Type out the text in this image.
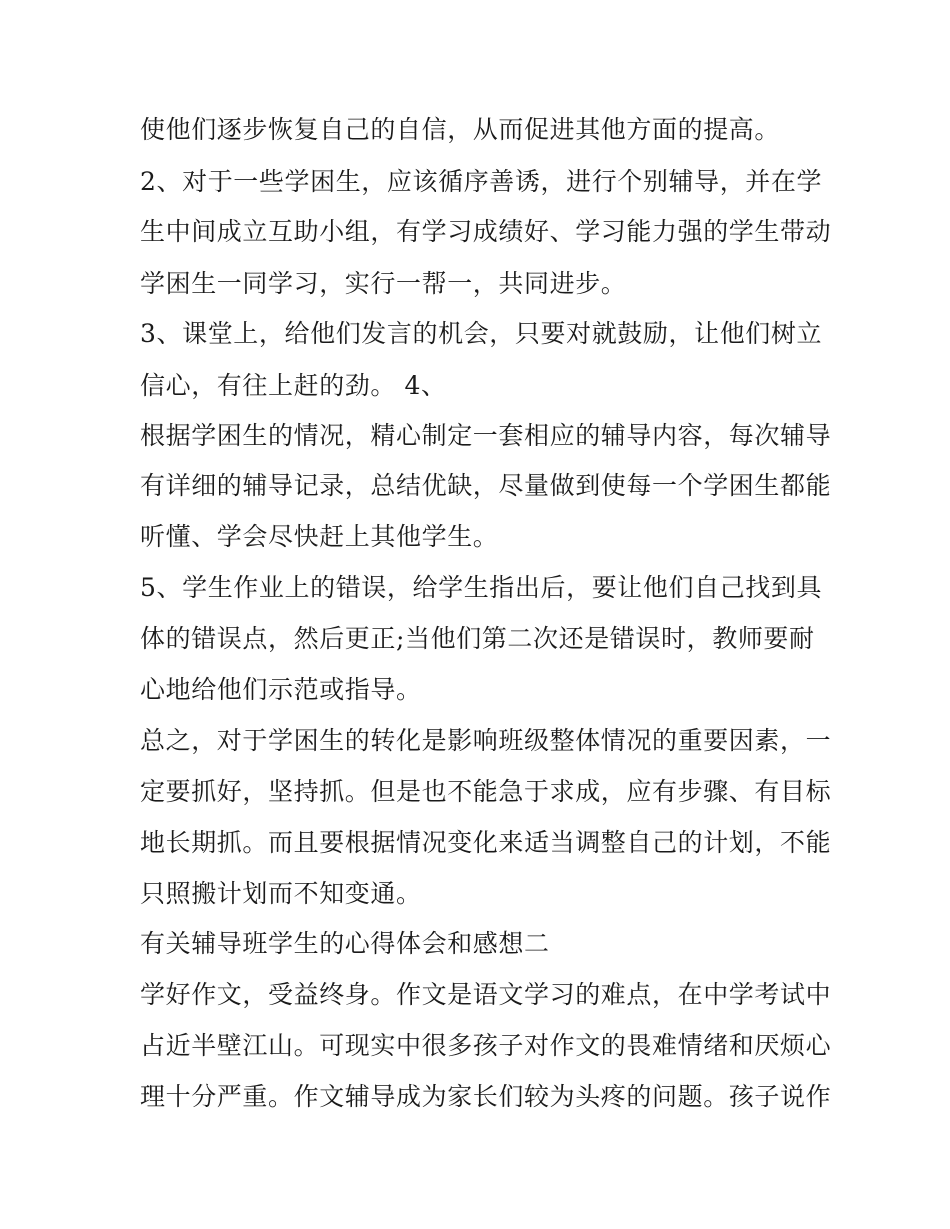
使他们逐步恢复自己的自信，从而促进其他方面的提高。
2、对于一些学困生，应该循序善诱，进行个别辅导，并在学
生中间成立互助小组，有学习成绩好、学习能力强的学生带动
学困生一同学习，实行一帮一，共同进步。
3、课堂上，给他们发言的机会，只要对就鼓励，让他们树立
信心，有往上赶的劲。 4、
根据学困生的情况，精心制定一套相应的辅导内容，每次辅导
有详细的辅导记录，总结优缺，尽量做到使每一个学困生都能
听懂、学会尽快赶上其他学生。
5、学生作业上的错误，给学生指出后，要让他们自己找到具
体的错误点，然后更正;当他们第二次还是错误时，教师要耐
心地给他们示范或指导。
总之，对于学困生的转化是影响班级整体情况的重要因素，一
定要抓好，坚持抓。但是也不能急于求成，应有步骤、有目标
地长期抓。而且要根据情况变化来适当调整自己的计划，不能
只照搬计划而不知变通。
有关辅导班学生的心得体会和感想二
学好作文，受益终身。作文是语文学习的难点，在中学考试中
占近半壁江山。可现实中很多孩子对作文的畏难情绪和厌烦心
理十分严重。作文辅导成为家长们较为头疼的问题。孩子说作
